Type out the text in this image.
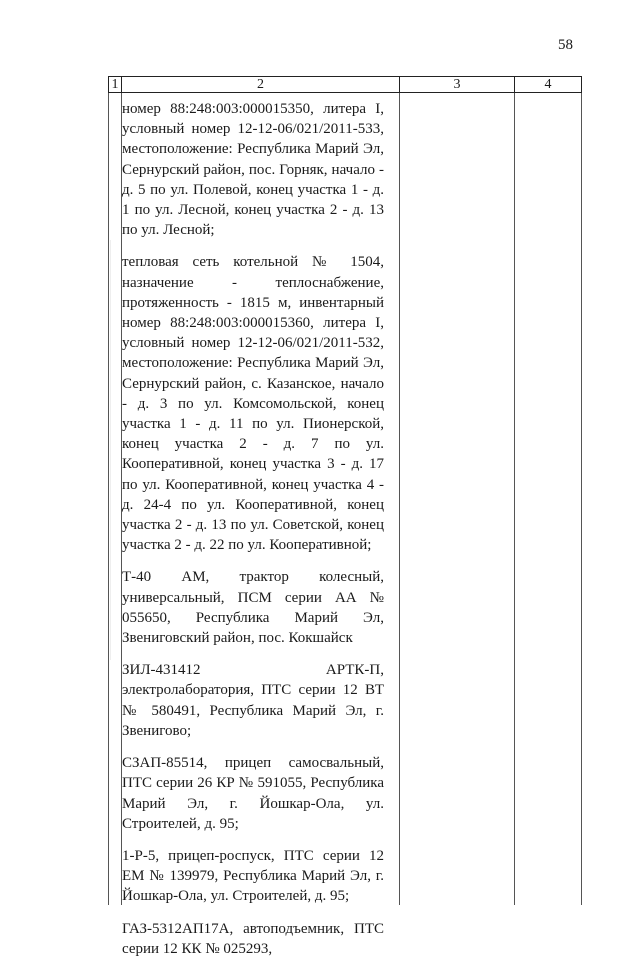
58
1	2	3	4

номер 88:248:003:000015350, литера I, условный номер 12-12-06/021/2011-533, местоположение: Республика Марий Эл, Сернурский район, пос. Горняк, начало - д. 5 по ул. Полевой, конец участка 1 - д. 1 по ул. Лесной, конец участка 2 - д. 13 по ул. Лесной;

тепловая сеть котельной № 1504, назначение - теплоснабжение, протяженность - 1815 м, инвентарный номер 88:248:003:000015360, литера I, условный номер 12-12-06/021/2011-532, местоположение: Республика Марий Эл, Сернурский район, с. Казанское, начало - д. 3 по ул. Комсомольской, конец участка 1 - д. 11 по ул. Пионерской, конец участка 2 - д. 7 по ул. Кооперативной, конец участка 3 - д. 17 по ул. Кооперативной, конец участка 4 - д. 24-4 по ул. Кооперативной, конец участка 2 - д. 13 по ул. Советской, конец участка 2 - д. 22 по ул. Кооперативной;

Т-40 АМ, трактор колесный, универсальный, ПСМ серии АА № 055650, Республика Марий Эл, Звениговский район, пос. Кокшайск

ЗИЛ-431412 АРТК-П, электролаборатория, ПТС серии 12 ВТ № 580491, Республика Марий Эл, г. Звенигово;

СЗАП-85514, прицеп самосвальный, ПТС серии 26 КР № 591055, Республика Марий Эл, г. Йошкар-Ола, ул. Строителей, д. 95;

1-Р-5, прицеп-роспуск, ПТС серии 12 ЕМ № 139979, Республика Марий Эл, г. Йошкар-Ола, ул. Строителей, д. 95;

ГАЗ-5312АП17А, автоподъемник, ПТС серии 12 КК № 025293,
